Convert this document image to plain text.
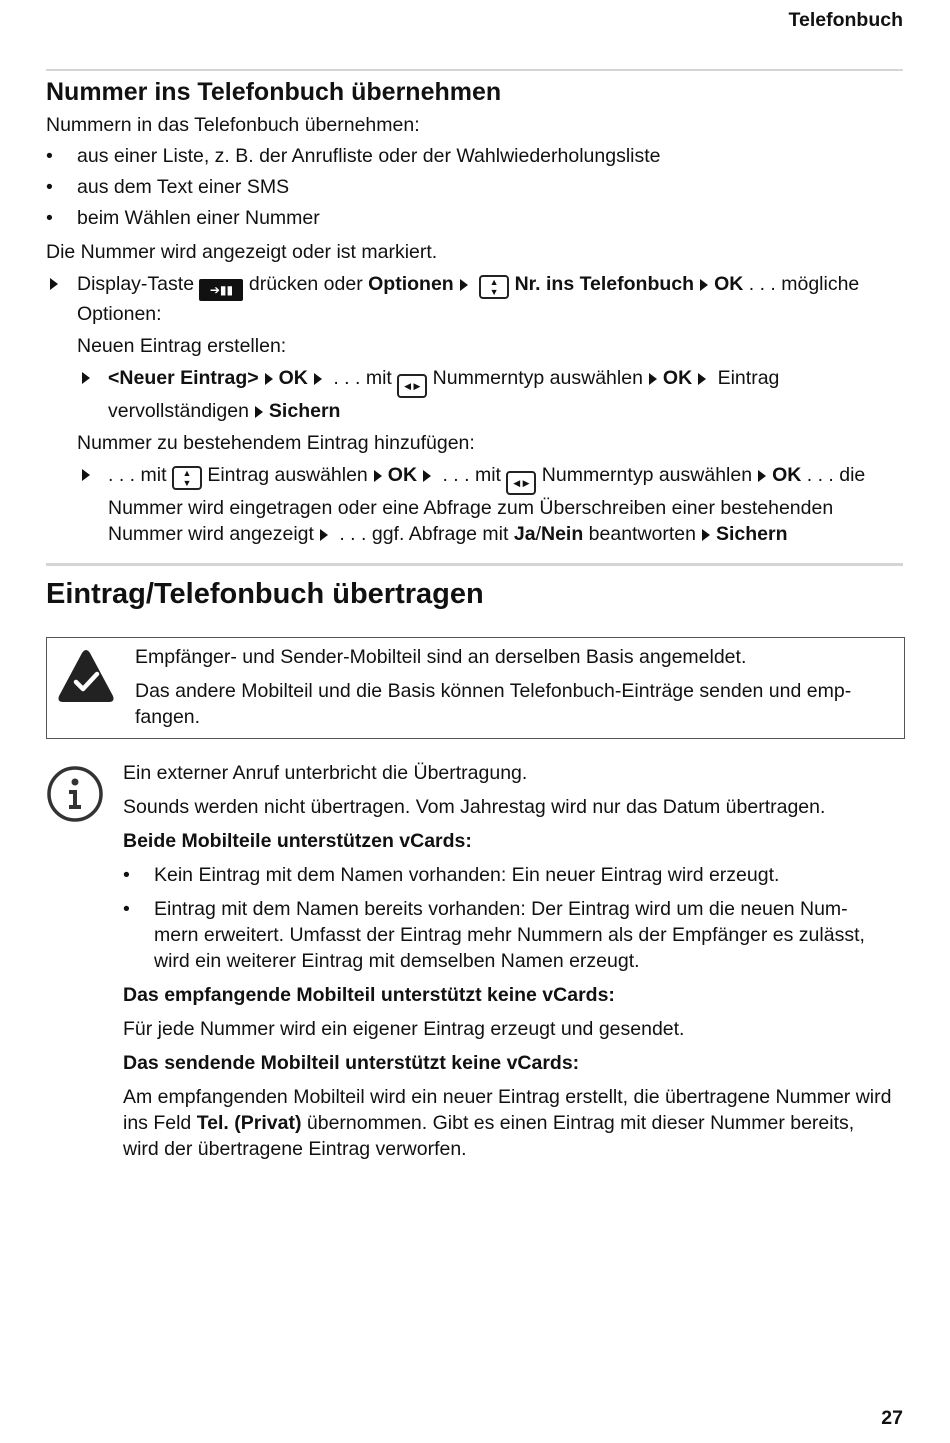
Telefonbuch
Nummer ins Telefonbuch übernehmen

Nummern in das Telefonbuch übernehmen:

• aus einer Liste, z. B. der Anrufliste oder der Wahlwiederholungsliste
• aus dem Text einer SMS
• beim Wählen einer Nummer

Die Nummer wird angezeigt oder ist markiert.

Display-Taste ➔▮▮ drücken oder Optionen	▲
▼ Nr. ins Telefonbuch OK . . . mögliche Optionen:

Neuen Eintrag erstellen:

<Neuer Eintrag> OK . . . mit ◀ ▶ Nummerntyp auswählen OK Eintrag vervollständigen Sichern

Nummer zu bestehendem Eintrag hinzufügen:

. . . mit ▲
▼ Eintrag auswählen OK . . . mit ◀ ▶ Nummerntyp auswählen OK . . . die Nummer wird eingetragen oder eine Abfrage zum Überschreiben einer bestehenden Nummer wird angezeigt . . . ggf. Abfrage mit Ja/Nein beantworten Sichern
Eintrag/Telefonbuch übertragen

Empfänger- und Sender-Mobilteil sind an derselben Basis angemeldet.

Das andere Mobilteil und die Basis können Telefonbuch-Einträge senden und emp- fangen.

Ein externer Anruf unterbricht die Übertragung.

Sounds werden nicht übertragen. Vom Jahrestag wird nur das Datum übertragen.

Beide Mobilteile unterstützen vCards:

• Kein Eintrag mit dem Namen vorhanden: Ein neuer Eintrag wird erzeugt.
• Eintrag mit dem Namen bereits vorhanden: Der Eintrag wird um die neuen Num- mern erweitert. Umfasst der Eintrag mehr Nummern als der Empfänger es zulässt, wird ein weiterer Eintrag mit demselben Namen erzeugt.

Das empfangende Mobilteil unterstützt keine vCards:

Für jede Nummer wird ein eigener Eintrag erzeugt und gesendet.

Das sendende Mobilteil unterstützt keine vCards:

Am empfangenden Mobilteil wird ein neuer Eintrag erstellt, die übertragene Nummer wird ins Feld Tel. (Privat) übernommen. Gibt es einen Eintrag mit dieser Nummer bereits, wird der übertragene Eintrag verworfen.

27
